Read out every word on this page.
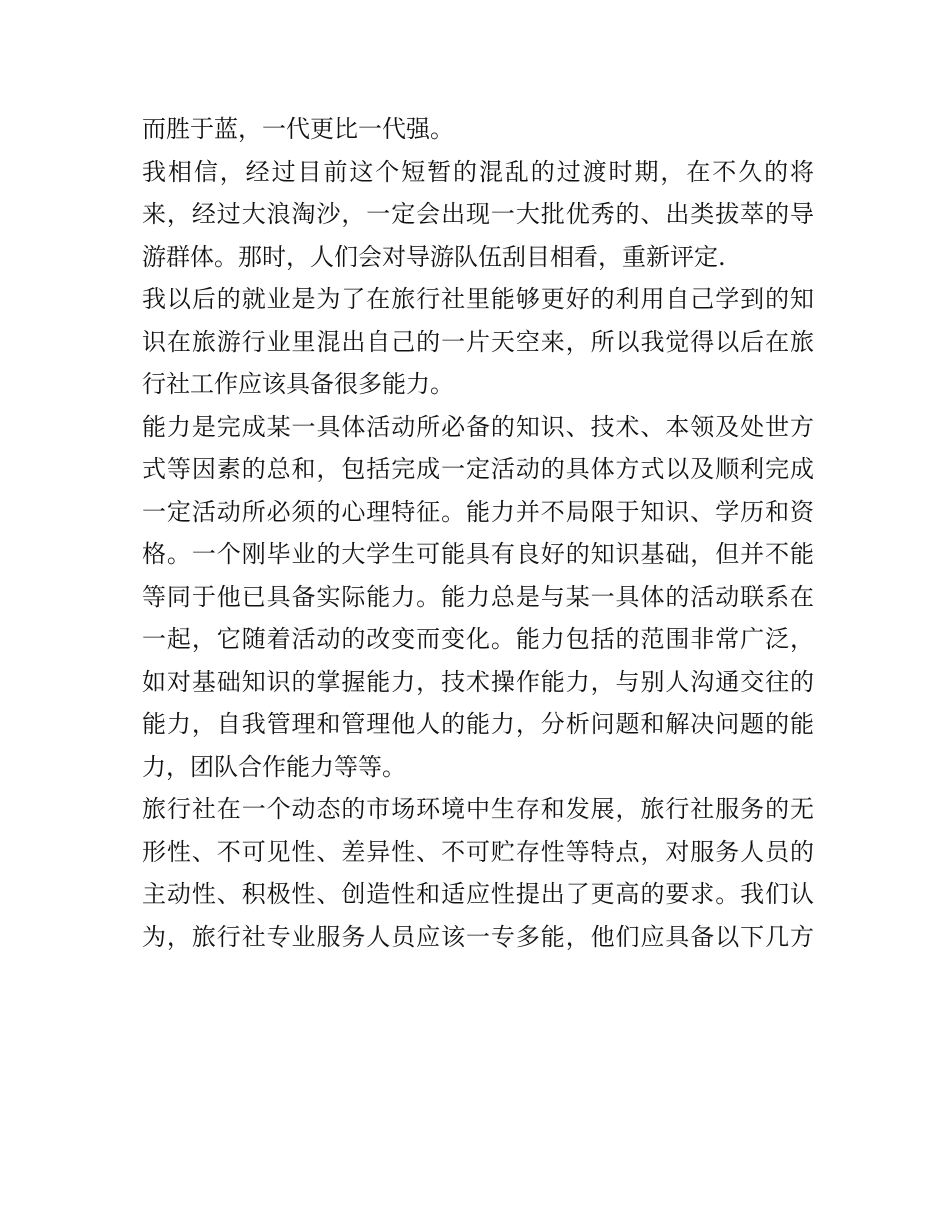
而胜于蓝，一代更比一代强。
我相信，经过目前这个短暂的混乱的过渡时期，在不久的将
来，经过大浪淘沙，一定会出现一大批优秀的、出类拔萃的导
游群体。那时，人们会对导游队伍刮目相看，重新评定.
我以后的就业是为了在旅行社里能够更好的利用自己学到的知
识在旅游行业里混出自己的一片天空来，所以我觉得以后在旅
行社工作应该具备很多能力。
能力是完成某一具体活动所必备的知识、技术、本领及处世方
式等因素的总和，包括完成一定活动的具体方式以及顺利完成
一定活动所必须的心理特征。能力并不局限于知识、学历和资
格。一个刚毕业的大学生可能具有良好的知识基础，但并不能
等同于他已具备实际能力。能力总是与某一具体的活动联系在
一起，它随着活动的改变而变化。能力包括的范围非常广泛，
如对基础知识的掌握能力，技术操作能力，与别人沟通交往的
能力，自我管理和管理他人的能力，分析问题和解决问题的能
力，团队合作能力等等。
旅行社在一个动态的市场环境中生存和发展，旅行社服务的无
形性、不可见性、差异性、不可贮存性等特点，对服务人员的
主动性、积极性、创造性和适应性提出了更高的要求。我们认
为，旅行社专业服务人员应该一专多能，他们应具备以下几方
